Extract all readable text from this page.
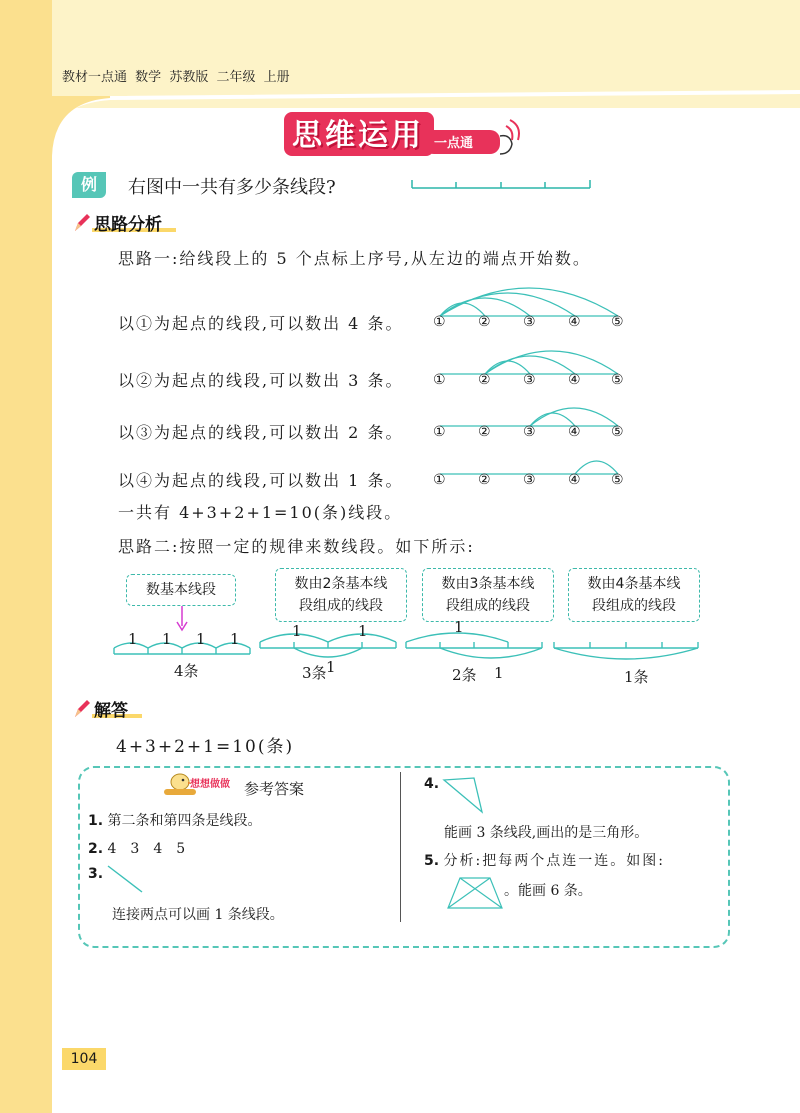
教材一点通 数学 苏教版 二年级 上册
思维运用 一点通
例	右图中一共有多少条线段?
思路分析
思路一:给线段上的 5 个点标上序号,从左边的端点开始数。
以①为起点的线段,可以数出 4 条。
以②为起点的线段,可以数出 3 条。
以③为起点的线段,可以数出 2 条。
以④为起点的线段,可以数出 1 条。
① ② ③ ④ ⑤
① ② ③ ④ ⑤
① ② ③ ④ ⑤
① ② ③ ④ ⑤
一共有 4+3+2+1=10(条)线段。
思路二:按照一定的规律来数线段。如下所示:
数基本线段	数由2条基本线
段组成的线段
数由3条基本线
段组成的线段
数由4条基本线
段组成的线段
1 1 1 1
4条
1	1
3条 1
1
2条 1	1条
解答
4+3+2+1=10(条)
想想做做 参考答案
1. 第二条和第四条是线段。
2. 4　3　4　5
3.
连接两点可以画 1 条线段。
4.
能画 3 条线段,画出的是三角形。
5. 分析:把每两个点连一连。如图:
。能画 6 条。
104
